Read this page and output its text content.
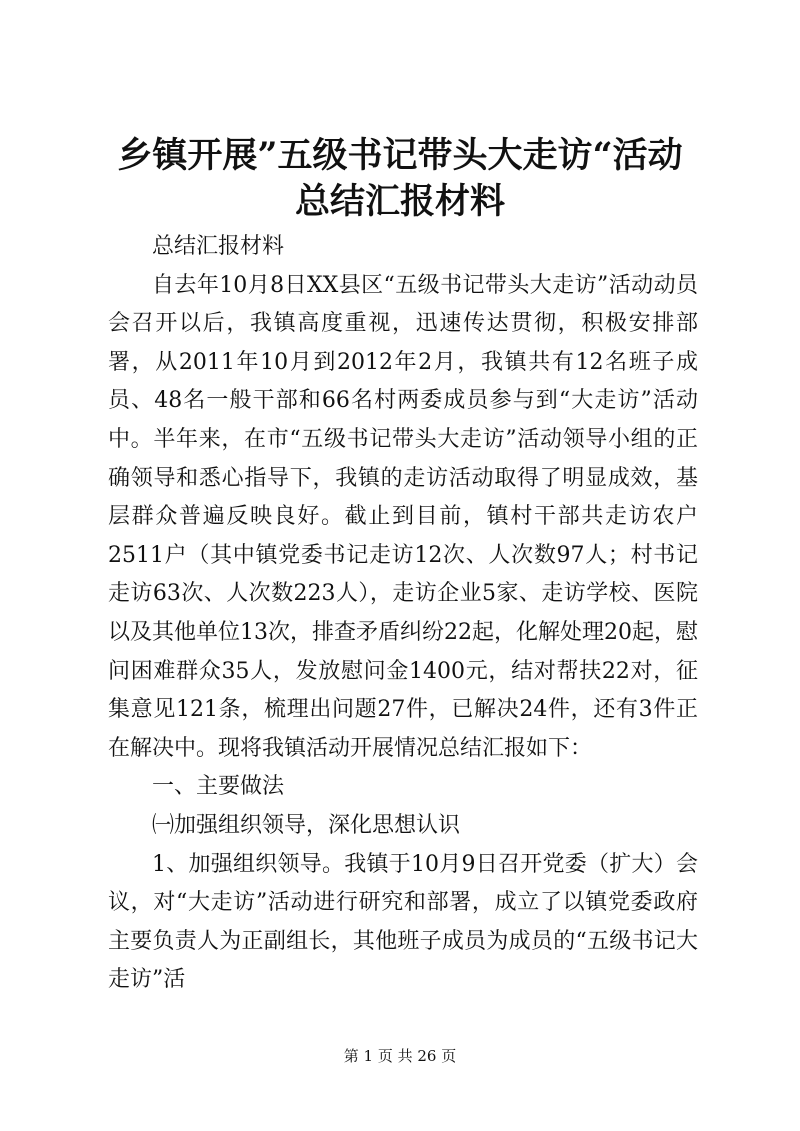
乡镇开展”五级书记带头大走访“活动总结汇报材料

总结汇报材料

自去年10月8日XX县区“五级书记带头大走访”活动动员会召开以后，我镇高度重视，迅速传达贯彻，积极安排部署，从2011年10月到2012年2月，我镇共有12名班子成员、48名一般干部和66名村两委成员参与到“大走访”活动中。半年来，在市“五级书记带头大走访”活动领导小组的正确领导和悉心指导下，我镇的走访活动取得了明显成效，基层群众普遍反映良好。截止到目前，镇村干部共走访农户2511户（其中镇党委书记走访12次、人次数97人；村书记走访63次、人次数223人），走访企业5家、走访学校、医院以及其他单位13次，排查矛盾纠纷22起，化解处理20起，慰问困难群众35人，发放慰问金1400元，结对帮扶22对，征集意见121条，梳理出问题27件，已解决24件，还有3件正在解决中。现将我镇活动开展情况总结汇报如下：

一、主要做法

㈠加强组织领导，深化思想认识

1、加强组织领导。我镇于10月9日召开党委（扩大）会议，对“大走访”活动进行研究和部署，成立了以镇党委政府主要负责人为正副组长，其他班子成员为成员的“五级书记大走访”活

第 1 页 共 26 页
